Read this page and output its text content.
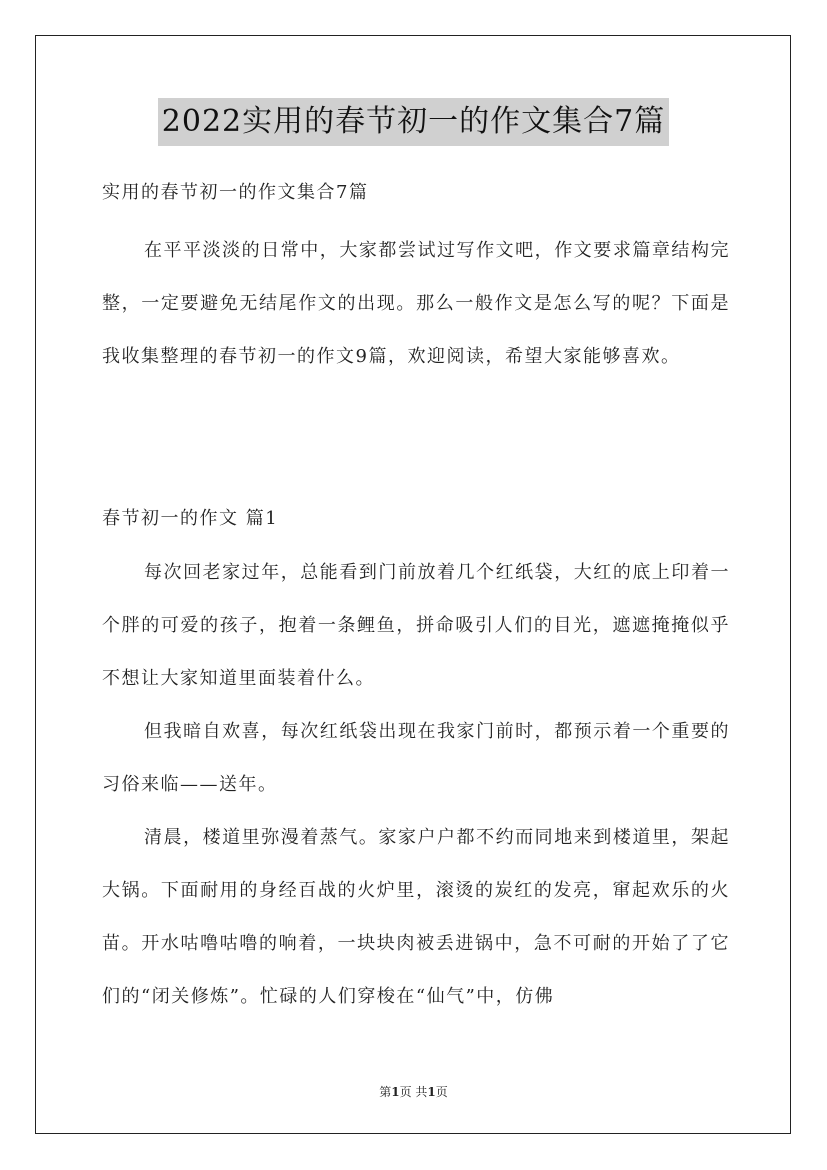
2022实用的春节初一的作文集合7篇
实用的春节初一的作文集合7篇
在平平淡淡的日常中，大家都尝试过写作文吧，作文要求篇章结构完整，一定要避免无结尾作文的出现。那么一般作文是怎么写的呢？下面是我收集整理的春节初一的作文9篇，欢迎阅读，希望大家能够喜欢。
春节初一的作文 篇1
每次回老家过年，总能看到门前放着几个红纸袋，大红的底上印着一个胖的可爱的孩子，抱着一条鲤鱼，拼命吸引人们的目光，遮遮掩掩似乎不想让大家知道里面装着什么。
但我暗自欢喜，每次红纸袋出现在我家门前时，都预示着一个重要的习俗来临——送年。
清晨，楼道里弥漫着蒸气。家家户户都不约而同地来到楼道里，架起大锅。下面耐用的身经百战的火炉里，滚烫的炭红的发亮，窜起欢乐的火苗。开水咕噜咕噜的响着，一块块肉被丢进锅中，急不可耐的开始了了它们的“闭关修炼”。忙碌的人们穿梭在“仙气”中，仿佛
第1页 共1页
